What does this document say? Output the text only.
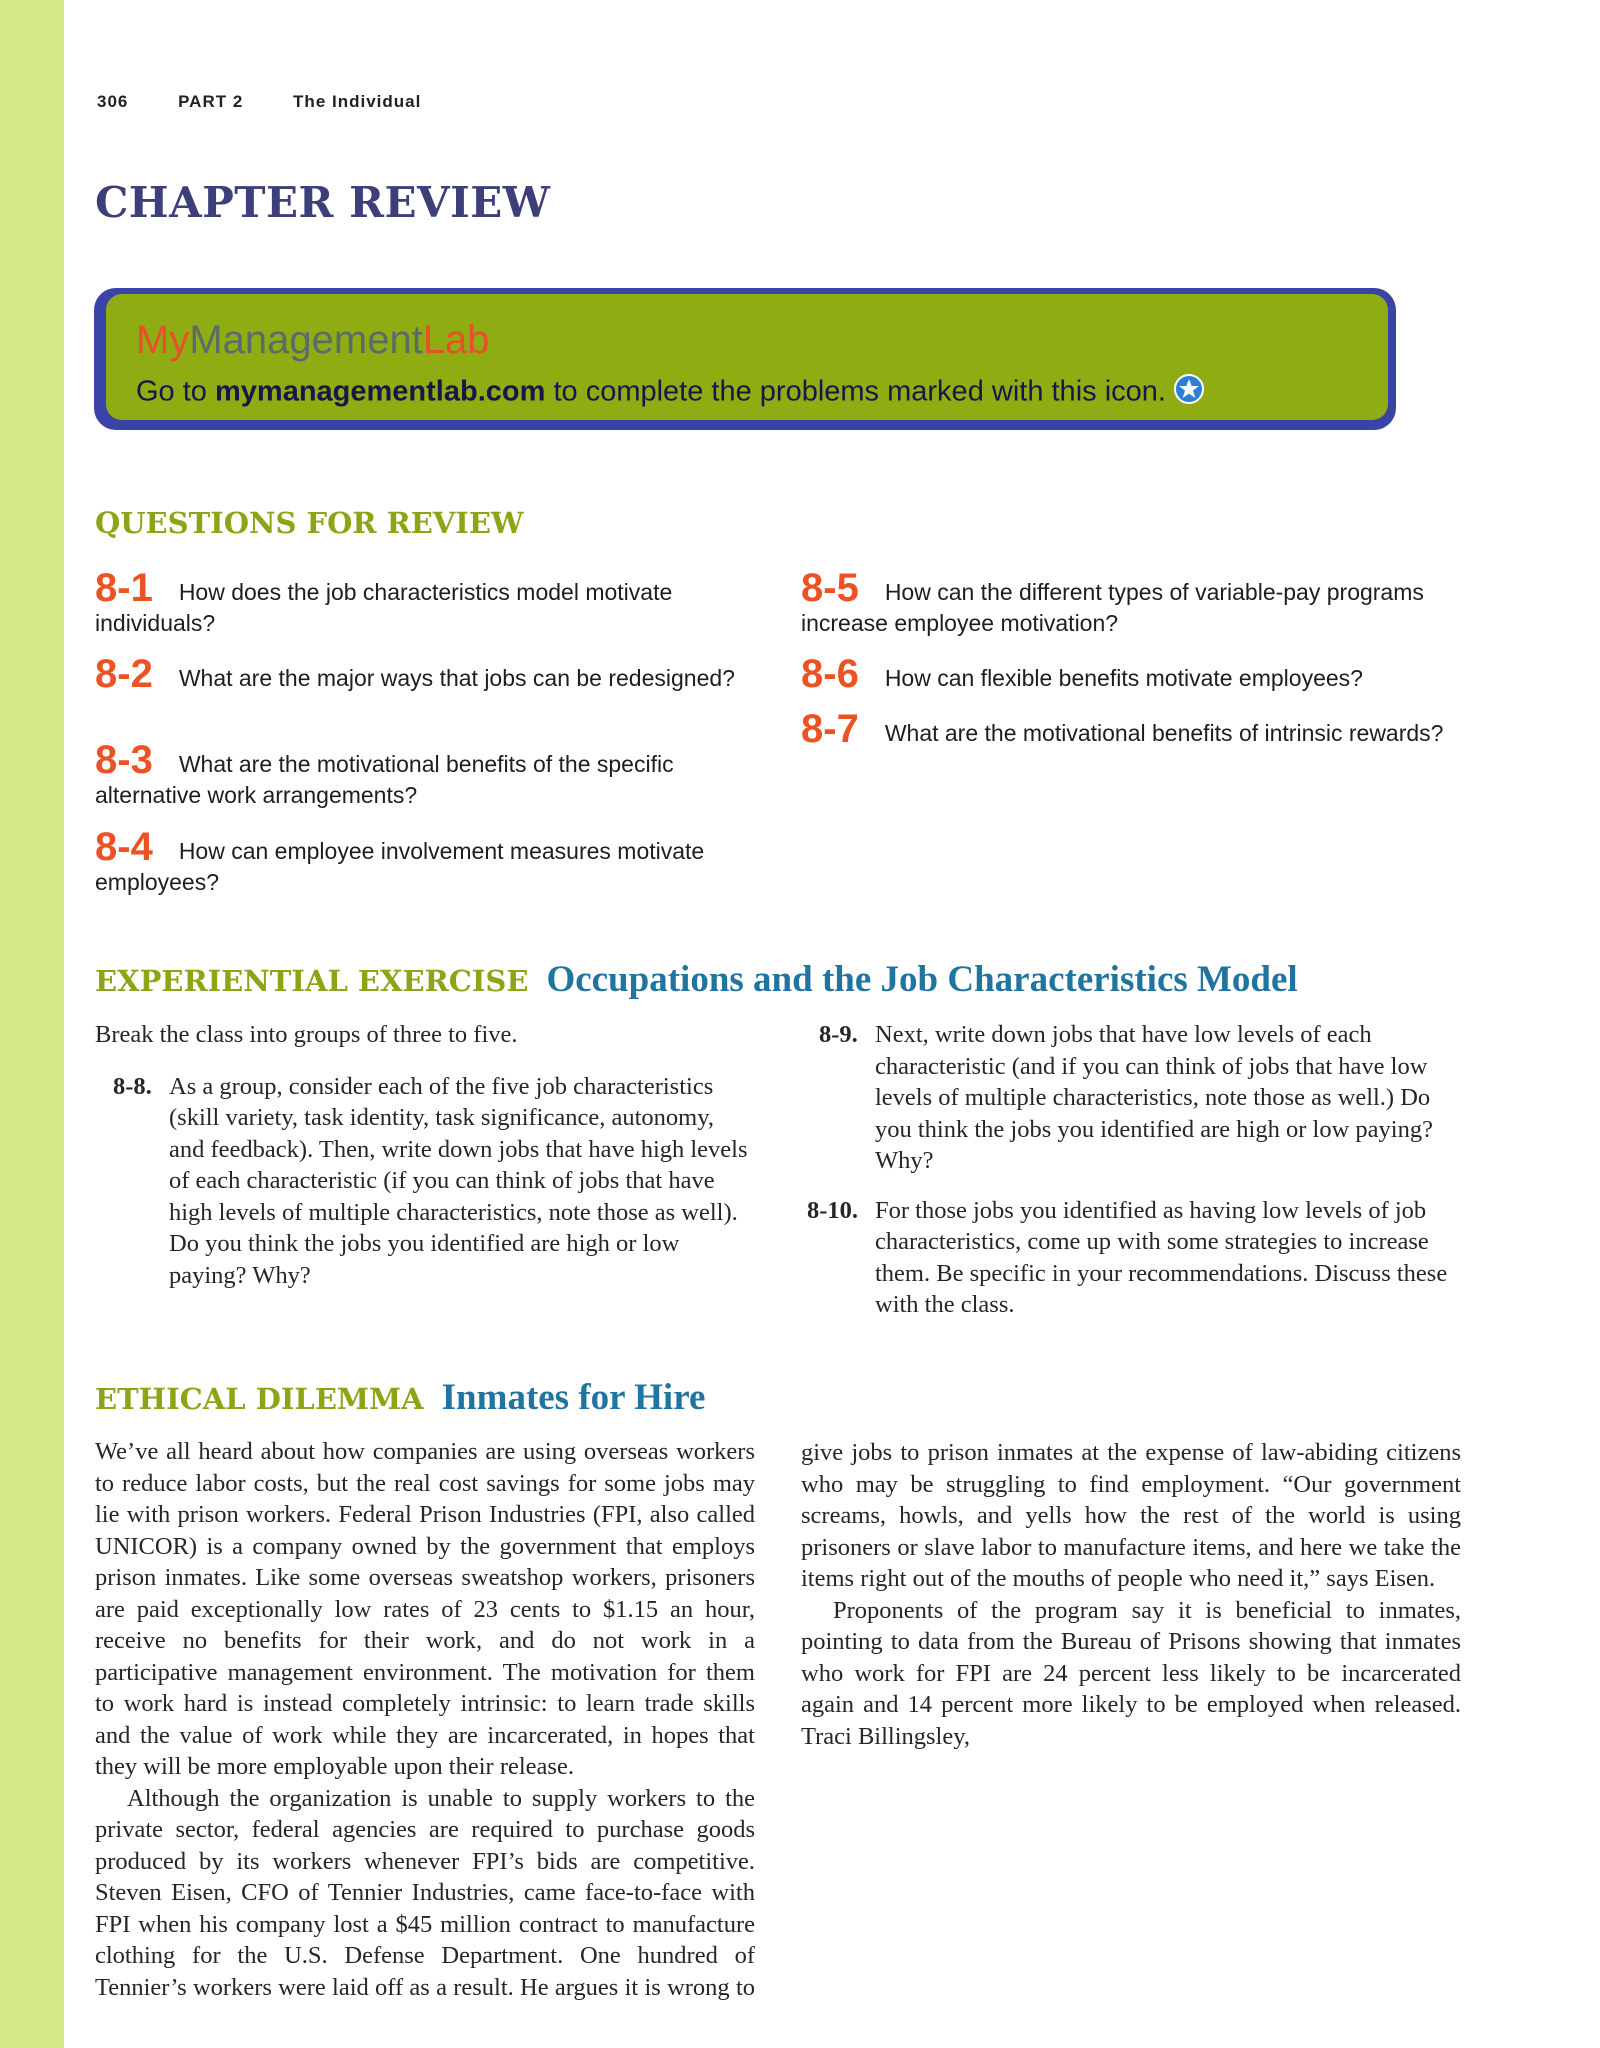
306	PART 2	The Individual
CHAPTER REVIEW
MyManagementLab
Go to mymanagementlab.com to complete the problems marked with this icon.
QUESTIONS FOR REVIEW
8-1 How does the job characteristics model motivate individuals?
8-2 What are the major ways that jobs can be redesigned?
8-3 What are the motivational benefits of the specific alternative work arrangements?
8-4 How can employee involvement measures motivate employees?
8-5 How can the different types of variable-pay programs increase employee motivation?
8-6 How can flexible benefits motivate employees?
8-7 What are the motivational benefits of intrinsic rewards?
EXPERIENTIAL EXERCISE Occupations and the Job Characteristics Model
Break the class into groups of three to five.
8-8. As a group, consider each of the five job characteristics (skill variety, task identity, task significance, autonomy, and feedback). Then, write down jobs that have high levels of each characteristic (if you can think of jobs that have high levels of multiple characteristics, note those as well). Do you think the jobs you identified are high or low paying? Why?
8-9. Next, write down jobs that have low levels of each characteristic (and if you can think of jobs that have low levels of multiple characteristics, note those as well.) Do you think the jobs you identified are high or low paying? Why?
8-10. For those jobs you identified as having low levels of job characteristics, come up with some strategies to increase them. Be specific in your recommendations. Discuss these with the class.
ETHICAL DILEMMA Inmates for Hire

We’ve all heard about how companies are using overseas workers to reduce labor costs, but the real cost savings for some jobs may lie with prison workers. Federal Prison Industries (FPI, also called UNICOR) is a company owned by the government that employs prison inmates. Like some overseas sweatshop workers, prisoners are paid exceptionally low rates of 23 cents to $1.15 an hour, receive no benefits for their work, and do not work in a participative management environment. The motivation for them to work hard is instead completely intrinsic: to learn trade skills and the value of work while they are incarcerated, in hopes that they will be more employable upon their release.

Although the organization is unable to supply workers to the private sector, federal agencies are required to purchase goods produced by its workers whenever FPI’s bids are competitive. Steven Eisen, CFO of Tennier Industries, came face-to-face with FPI when his company lost a $45 million contract to manufacture clothing for the U.S. Defense Department. One hundred of Tennier’s workers were laid off as a result. He argues it is wrong to

give jobs to prison inmates at the expense of law-abiding citizens who may be struggling to find employment. “Our government screams, howls, and yells how the rest of the world is using prisoners or slave labor to manufacture items, and here we take the items right out of the mouths of people who need it,” says Eisen.

Proponents of the program say it is beneficial to inmates, pointing to data from the Bureau of Prisons showing that inmates who work for FPI are 24 percent less likely to be incarcerated again and 14 percent more likely to be employed when released. Traci Billingsley,
